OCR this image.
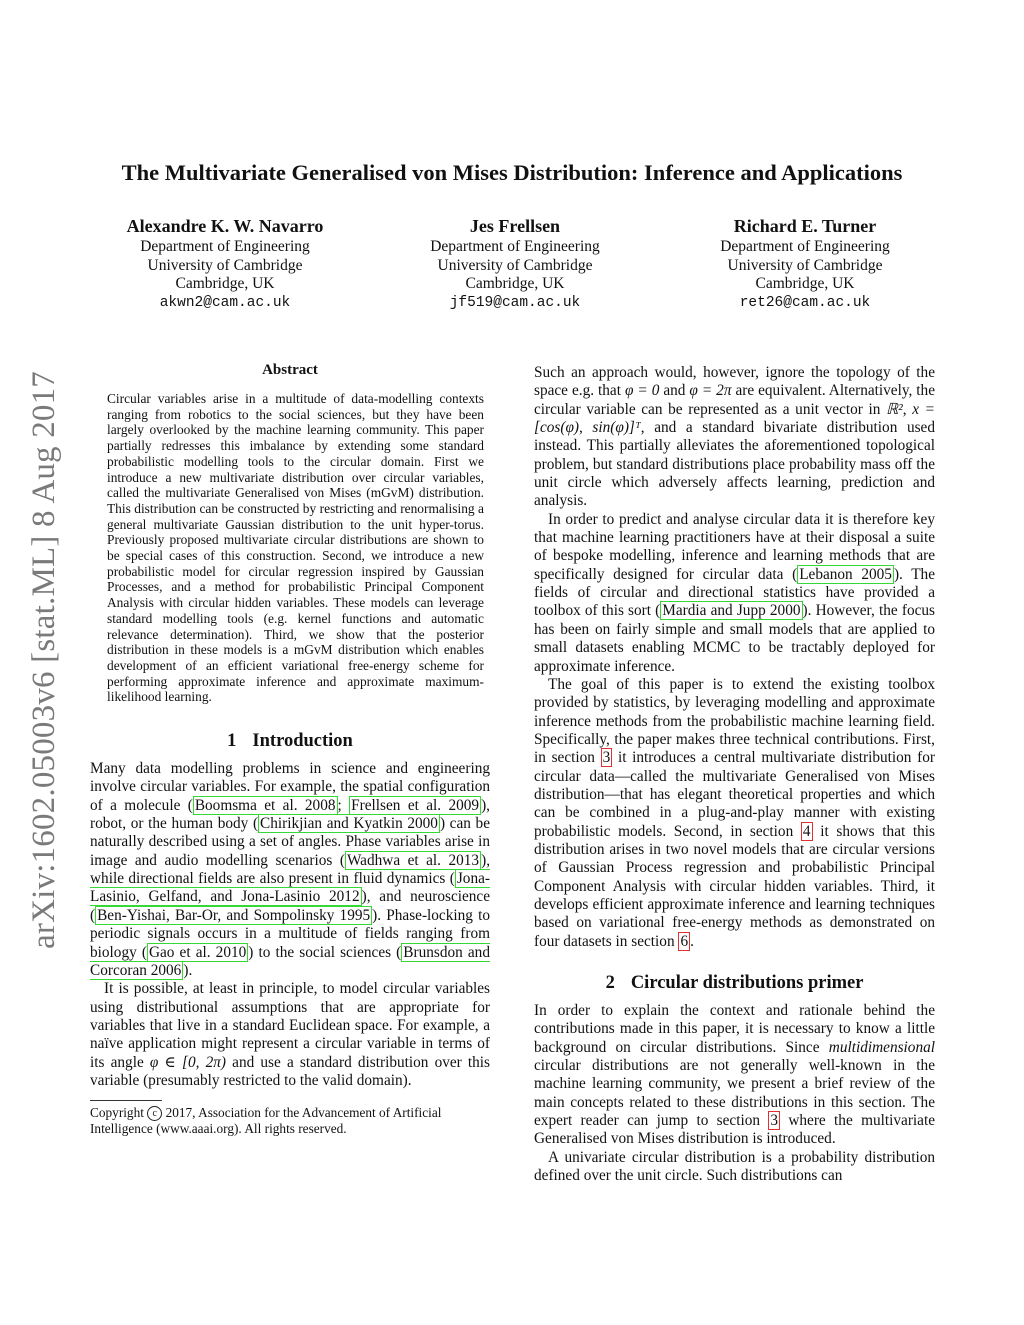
arXiv:1602.05003v6 [stat.ML] 8 Aug 2017
The Multivariate Generalised von Mises Distribution: Inference and Applications
Alexandre K. W. Navarro
Department of Engineering
University of Cambridge
Cambridge, UK
akwn2@cam.ac.uk
Jes Frellsen
Department of Engineering
University of Cambridge
Cambridge, UK
jf519@cam.ac.uk
Richard E. Turner
Department of Engineering
University of Cambridge
Cambridge, UK
ret26@cam.ac.uk
Abstract

Circular variables arise in a multitude of data-modelling contexts ranging from robotics to the social sciences, but they have been largely overlooked by the machine learning community. This paper partially redresses this imbalance by extending some standard probabilistic modelling tools to the circular domain. First we introduce a new multivariate distribution over circular variables, called the multivariate Generalised von Mises (mGvM) distribution. This distribution can be constructed by restricting and renormalising a general multivariate Gaussian distribution to the unit hyper-torus. Previously proposed multivariate circular distributions are shown to be special cases of this construction. Second, we introduce a new probabilistic model for circular regression inspired by Gaussian Processes, and a method for probabilistic Principal Component Analysis with circular hidden variables. These models can leverage standard modelling tools (e.g. kernel functions and automatic relevance determination). Third, we show that the posterior distribution in these models is a mGvM distribution which enables development of an efficient variational free-energy scheme for performing approximate inference and approximate maximum-likelihood learning.

1 Introduction

Many data modelling problems in science and engineering involve circular variables. For example, the spatial configuration of a molecule ( Boomsma et al. 2008 ; Frellsen et al. 2009 ), robot, or the human body ( Chirikjian and Kyatkin 2000 ) can be naturally described using a set of angles. Phase variables arise in image and audio modelling scenarios ( Wadhwa et al. 2013 ), while directional fields are also present in fluid dynamics ( Jona-Lasinio, Gelfand, and Jona-Lasinio 2012 ), and neuroscience ( Ben-Yishai, Bar-Or, and Sompolinsky 1995 ). Phase-locking to periodic signals occurs in a multitude of fields ranging from biology ( Gao et al. 2010 ) to the social sciences ( Brunsdon and Corcoran 2006 ).

It is possible, at least in principle, to model circular variables using distributional assumptions that are appropriate for variables that live in a standard Euclidean space. For example, a naïve application might represent a circular variable in terms of its angle φ ∈ [0, 2π) and use a standard distribution over this variable (presumably restricted to the valid domain).

Copyright c 2017, Association for the Advancement of Artificial Intelligence (www.aaai.org). All rights reserved.

Such an approach would, however, ignore the topology of the space e.g. that φ = 0 and φ = 2π are equivalent. Alternatively, the circular variable can be represented as a unit vector in ℝ², x = [cos(φ), sin(φ)]ᵀ, and a standard bivariate distribution used instead. This partially alleviates the aforementioned topological problem, but standard distributions place probability mass off the unit circle which adversely affects learning, prediction and analysis.

In order to predict and analyse circular data it is therefore key that machine learning practitioners have at their disposal a suite of bespoke modelling, inference and learning methods that are specifically designed for circular data ( Lebanon 2005 ). The fields of circular and directional statistics have provided a toolbox of this sort ( Mardia and Jupp 2000 ). However, the focus has been on fairly simple and small models that are applied to small datasets enabling MCMC to be tractably deployed for approximate inference.

The goal of this paper is to extend the existing toolbox provided by statistics, by leveraging modelling and approximate inference methods from the probabilistic machine learning field. Specifically, the paper makes three technical contributions. First, in section 3 it introduces a central multivariate distribution for circular data—called the multivariate Generalised von Mises distribution—that has elegant theoretical properties and which can be combined in a plug-and-play manner with existing probabilistic models. Second, in section 4 it shows that this distribution arises in two novel models that are circular versions of Gaussian Process regression and probabilistic Principal Component Analysis with circular hidden variables. Third, it develops efficient approximate inference and learning techniques based on variational free-energy methods as demonstrated on four datasets in section 6 .

2 Circular distributions primer

In order to explain the context and rationale behind the contributions made in this paper, it is necessary to know a little background on circular distributions. Since multidimensional circular distributions are not generally well-known in the machine learning community, we present a brief review of the main concepts related to these distributions in this section. The expert reader can jump to section 3 where the multivariate Generalised von Mises distribution is introduced.

A univariate circular distribution is a probability distribution defined over the unit circle. Such distributions can
